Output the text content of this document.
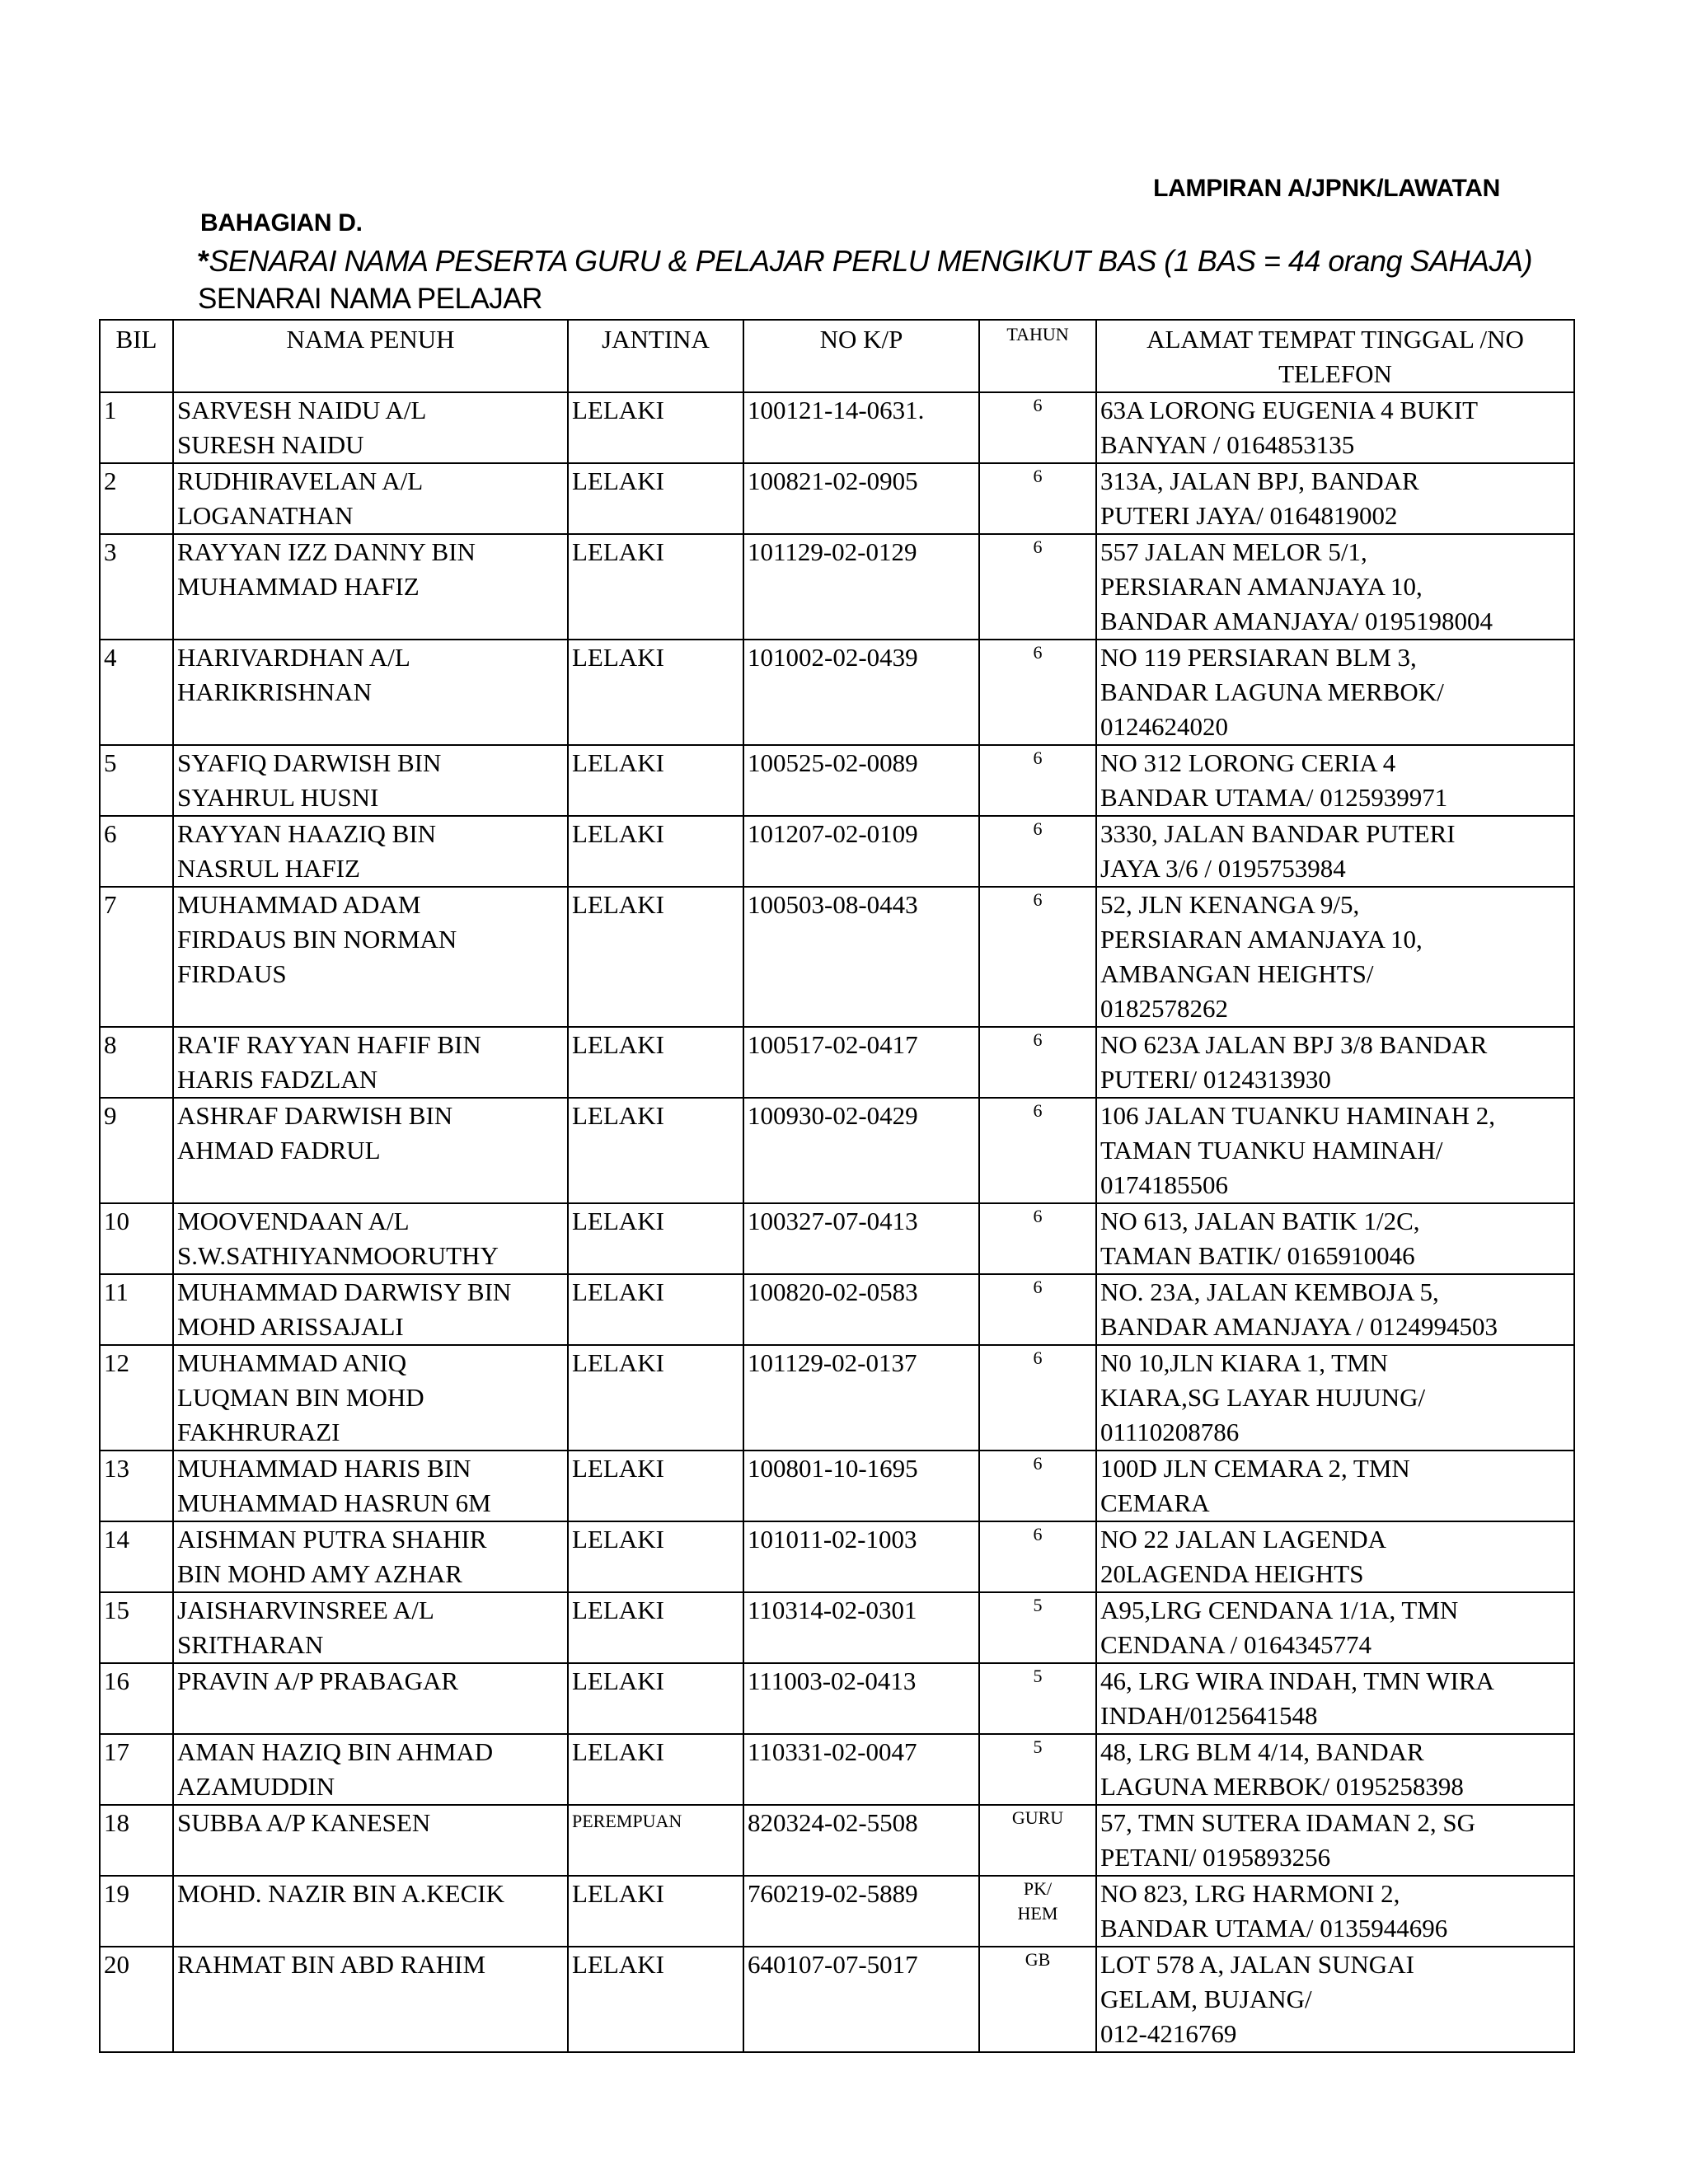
LAMPIRAN A/JPNK/LAWATAN
BAHAGIAN D.
*SENARAI NAMA PESERTA GURU & PELAJAR PERLU MENGIKUT BAS (1 BAS = 44 orang SAHAJA)
SENARAI NAMA PELAJAR
BIL	NAMA PENUH	JANTINA	NO K/P	TAHUN	ALAMAT TEMPAT TINGGAL /NO TELEFON
1	SARVESH NAIDU A/L
SURESH NAIDU	LELAKI	100121-14-0631.	6	63A LORONG EUGENIA 4 BUKIT
BANYAN / 0164853135
2	RUDHIRAVELAN A/L
LOGANATHAN	LELAKI	100821-02-0905	6	313A, JALAN BPJ, BANDAR
PUTERI JAYA/ 0164819002
3	RAYYAN IZZ DANNY BIN
MUHAMMAD HAFIZ	LELAKI	101129-02-0129	6	557 JALAN MELOR 5/1,
PERSIARAN AMANJAYA 10,
BANDAR AMANJAYA/ 0195198004
4	HARIVARDHAN A/L
HARIKRISHNAN	LELAKI	101002-02-0439	6	NO 119 PERSIARAN BLM 3,
BANDAR LAGUNA MERBOK/
0124624020
5	SYAFIQ DARWISH BIN
SYAHRUL HUSNI	LELAKI	100525-02-0089	6	NO 312 LORONG CERIA 4
BANDAR UTAMA/ 0125939971
6	RAYYAN HAAZIQ BIN
NASRUL HAFIZ	LELAKI	101207-02-0109	6	3330, JALAN BANDAR PUTERI
JAYA 3/6 / 0195753984
7	MUHAMMAD ADAM
FIRDAUS BIN NORMAN
FIRDAUS	LELAKI	100503-08-0443	6	52, JLN KENANGA 9/5,
PERSIARAN AMANJAYA 10,
AMBANGAN HEIGHTS/
0182578262
8	RA'IF RAYYAN HAFIF BIN
HARIS FADZLAN	LELAKI	100517-02-0417	6	NO 623A JALAN BPJ 3/8 BANDAR
PUTERI/ 0124313930
9	ASHRAF DARWISH BIN
AHMAD FADRUL	LELAKI	100930-02-0429	6	106 JALAN TUANKU HAMINAH 2,
TAMAN TUANKU HAMINAH/
0174185506
10	MOOVENDAAN A/L
S.W.SATHIYANMOORUTHY	LELAKI	100327-07-0413	6	NO 613, JALAN BATIK 1/2C,
TAMAN BATIK/ 0165910046
11	MUHAMMAD DARWISY BIN
MOHD ARISSAJALI	LELAKI	100820-02-0583	6	NO. 23A, JALAN KEMBOJA 5,
BANDAR AMANJAYA / 0124994503
12	MUHAMMAD ANIQ
LUQMAN BIN MOHD
FAKHRURAZI	LELAKI	101129-02-0137	6	N0 10,JLN KIARA 1, TMN
KIARA,SG LAYAR HUJUNG/
01110208786
13	MUHAMMAD HARIS BIN
MUHAMMAD HASRUN 6M	LELAKI	100801-10-1695	6	100D JLN CEMARA 2, TMN
CEMARA
14	AISHMAN PUTRA SHAHIR
BIN MOHD AMY AZHAR	LELAKI	101011-02-1003	6	NO 22 JALAN LAGENDA
20LAGENDA HEIGHTS
15	JAISHARVINSREE A/L
SRITHARAN	LELAKI	110314-02-0301	5	A95,LRG CENDANA 1/1A, TMN
CENDANA / 0164345774
16	PRAVIN A/P PRABAGAR	LELAKI	111003-02-0413	5	46, LRG WIRA INDAH, TMN WIRA
INDAH/0125641548
17	AMAN HAZIQ BIN AHMAD
AZAMUDDIN	LELAKI	110331-02-0047	5	48, LRG BLM 4/14, BANDAR
LAGUNA MERBOK/ 0195258398
18	SUBBA A/P KANESEN	PEREMPUAN	820324-02-5508	GURU	57, TMN SUTERA IDAMAN 2, SG
PETANI/ 0195893256
19	MOHD. NAZIR BIN A.KECIK	LELAKI	760219-02-5889	PK/
HEM	NO 823, LRG HARMONI 2,
BANDAR UTAMA/ 0135944696
20	RAHMAT BIN ABD RAHIM	LELAKI	640107-07-5017	GB	LOT 578 A, JALAN SUNGAI
GELAM, BUJANG/
012-4216769
